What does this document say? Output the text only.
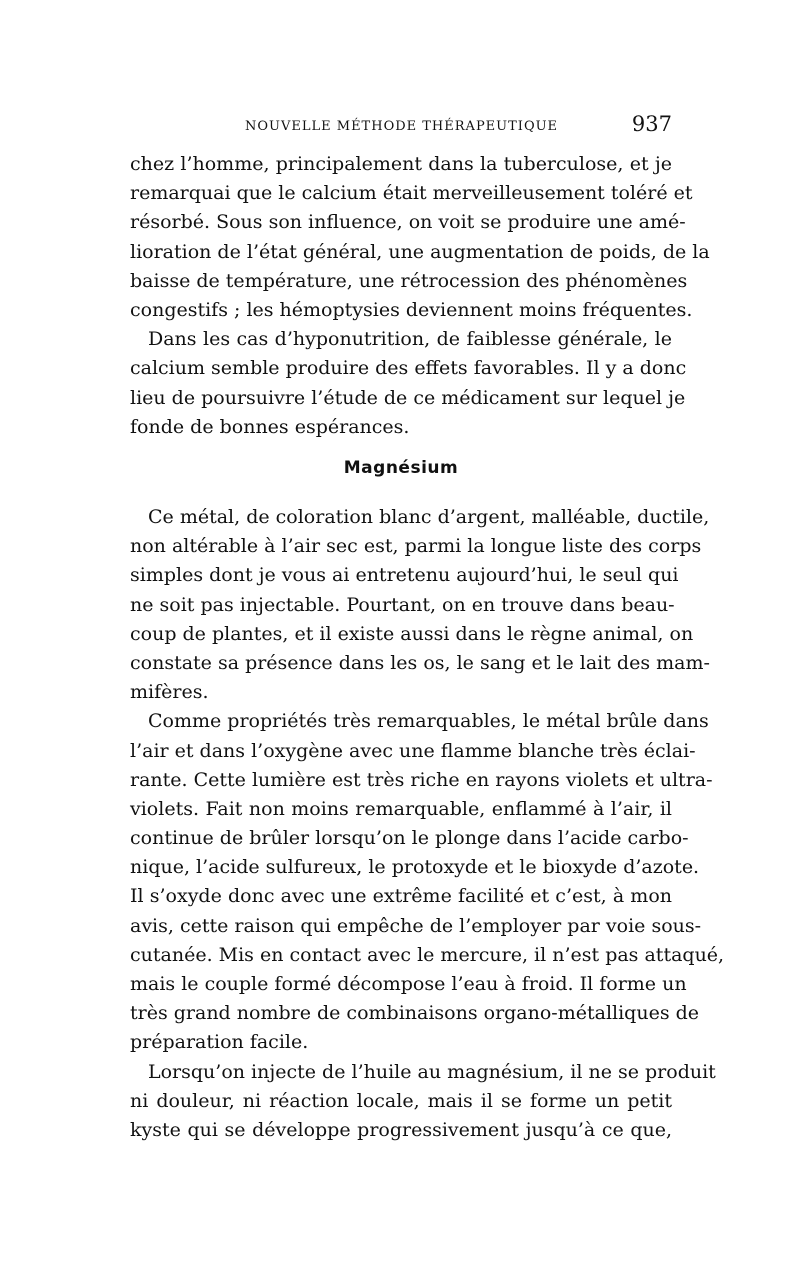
NOUVELLE MÉTHODE THÉRAPEUTIQUE	937
chez l’homme, principalement dans la tuberculose, et je
remarquai que le calcium était merveilleusement toléré et
résorbé. Sous son influence, on voit se produire une amé-
lioration de l’état général, une augmentation de poids, de la
baisse de température, une rétrocession des phénomènes
congestifs ; les hémoptysies deviennent moins fréquentes.
Dans les cas d’hyponutrition, de faiblesse générale, le
calcium semble produire des effets favorables. Il y a donc
lieu de poursuivre l’étude de ce médicament sur lequel je
fonde de bonnes espérances.
Magnésium
Ce métal, de coloration blanc d’argent, malléable, ductile,
non altérable à l’air sec est, parmi la longue liste des corps
simples dont je vous ai entretenu aujourd’hui, le seul qui
ne soit pas injectable. Pourtant, on en trouve dans beau-
coup de plantes, et il existe aussi dans le règne animal, on
constate sa présence dans les os, le sang et le lait des mam-
mifères.
Comme propriétés très remarquables, le métal brûle dans
l’air et dans l’oxygène avec une flamme blanche très éclai-
rante. Cette lumière est très riche en rayons violets et ultra-
violets. Fait non moins remarquable, enflammé à l’air, il
continue de brûler lorsqu’on le plonge dans l’acide carbo-
nique, l’acide sulfureux, le protoxyde et le bioxyde d’azote.
Il s’oxyde donc avec une extrême facilité et c’est, à mon
avis, cette raison qui empêche de l’employer par voie sous-
cutanée. Mis en contact avec le mercure, il n’est pas attaqué,
mais le couple formé décompose l’eau à froid. Il forme un
très grand nombre de combinaisons organo-métalliques de
préparation facile.
Lorsqu’on injecte de l’huile au magnésium, il ne se produit
ni douleur, ni réaction locale, mais il se forme un petit
kyste qui se développe progressivement jusqu’à ce que,
